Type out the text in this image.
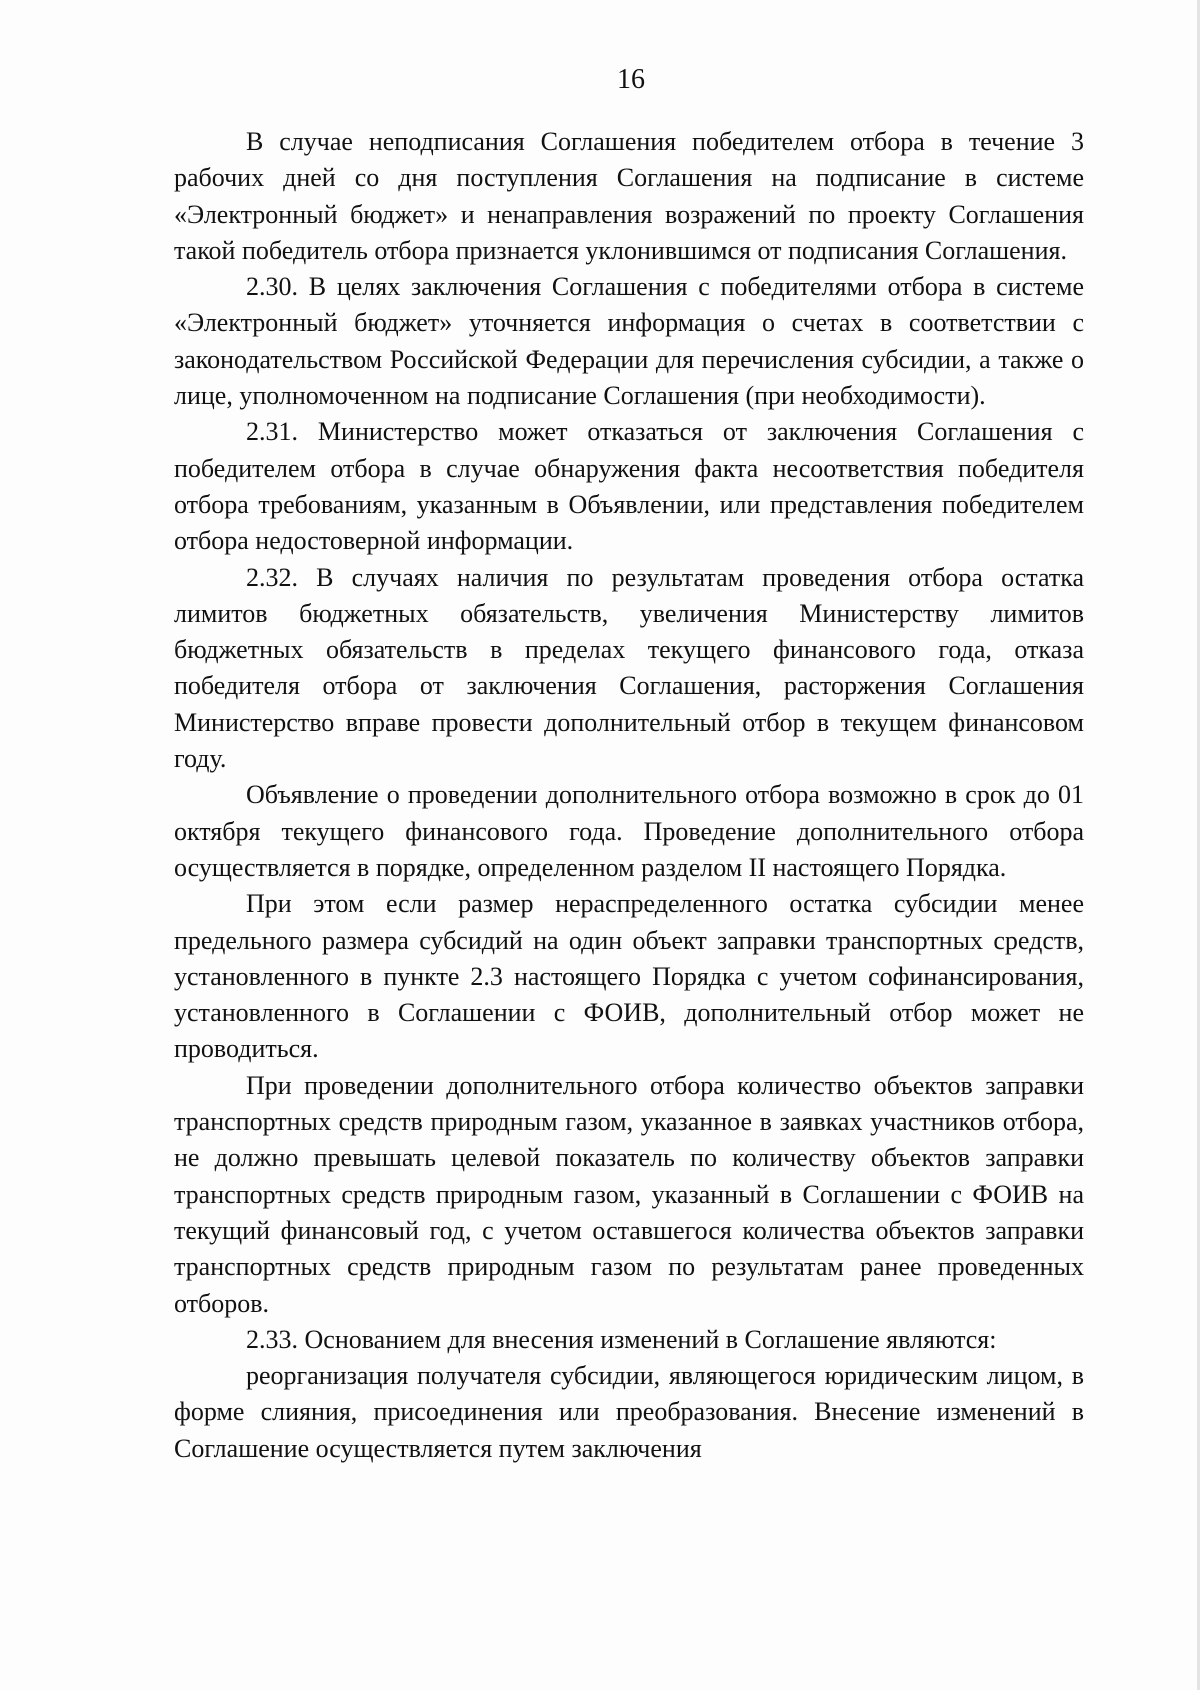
16

В случае неподписания Соглашения победителем отбора в течение 3 рабочих дней со дня поступления Соглашения на подписание в системе «Электронный бюджет» и ненаправления возражений по проекту Соглашения такой победитель отбора признается уклонившимся от подписания Соглашения.

2.30. В целях заключения Соглашения с победителями отбора в системе «Электронный бюджет» уточняется информация о счетах в соответствии с законодательством Российской Федерации для перечисления субсидии, а также о лице, уполномоченном на подписание Соглашения (при необходимости).

2.31. Министерство может отказаться от заключения Соглашения с победителем отбора в случае обнаружения факта несоответствия победителя отбора требованиям, указанным в Объявлении, или представления победителем отбора недостоверной информации.

2.32. В случаях наличия по результатам проведения отбора остатка лимитов бюджетных обязательств, увеличения Министерству лимитов бюджетных обязательств в пределах текущего финансового года, отказа победителя отбора от заключения Соглашения, расторжения Соглашения Министерство вправе провести дополнительный отбор в текущем финансовом году.

Объявление о проведении дополнительного отбора возможно в срок до 01 октября текущего финансового года. Проведение дополнительного отбора осуществляется в порядке, определенном разделом II настоящего Порядка.

При этом если размер нераспределенного остатка субсидии менее предельного размера субсидий на один объект заправки транспортных средств, установленного в пункте 2.3 настоящего Порядка с учетом софинансирования, установленного в Соглашении с ФОИВ, дополнительный отбор может не проводиться.

При проведении дополнительного отбора количество объектов заправки транспортных средств природным газом, указанное в заявках участников отбора, не должно превышать целевой показатель по количеству объектов заправки транспортных средств природным газом, указанный в Соглашении с ФОИВ на текущий финансовый год, с учетом оставшегося количества объектов заправки транспортных средств природным газом по результатам ранее проведенных отборов.

2.33. Основанием для внесения изменений в Соглашение являются:

реорганизация получателя субсидии, являющегося юридическим лицом, в форме слияния, присоединения или преобразования. Внесение изменений в Соглашение осуществляется путем заключения
